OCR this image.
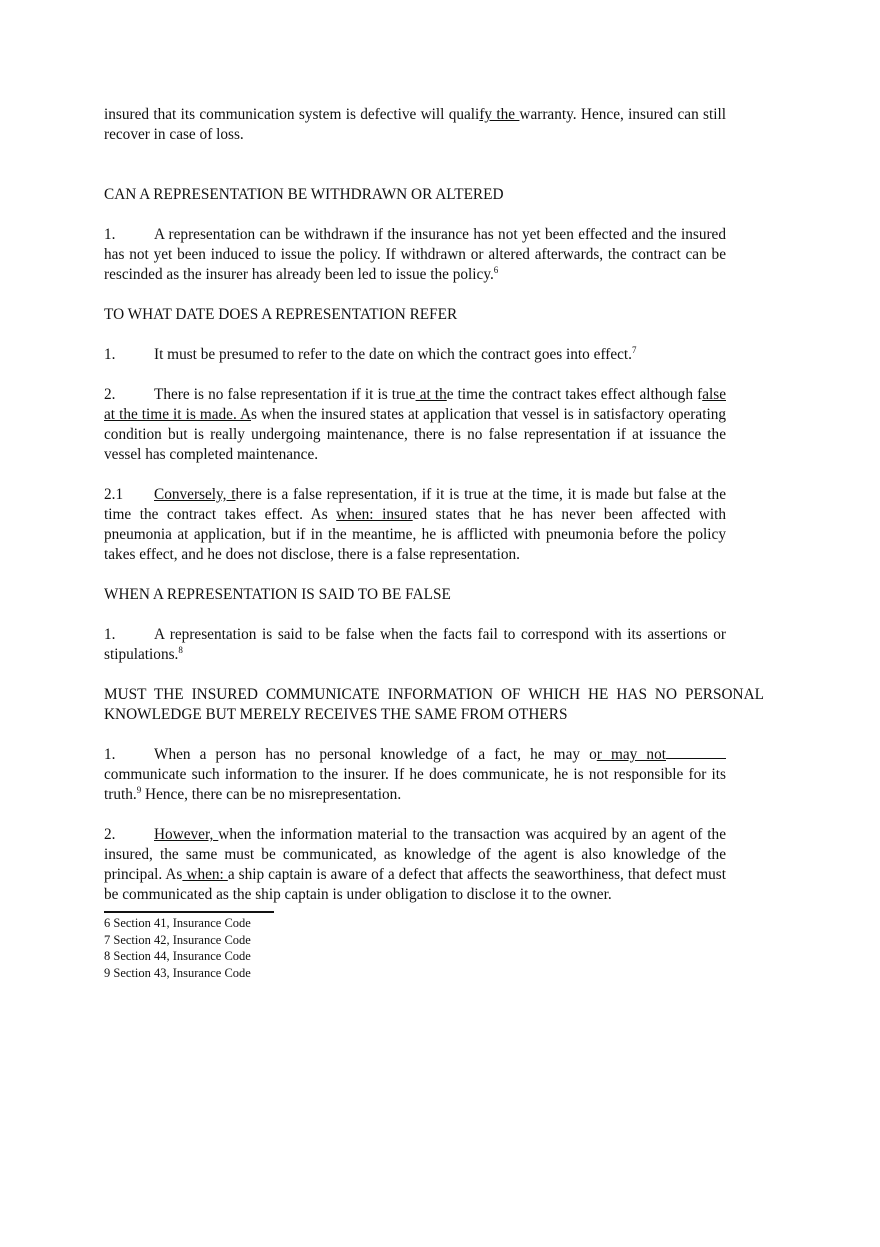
insured that its communication system is defective will qualify the warranty. Hence, insured can still recover in case of loss.

CAN A REPRESENTATION BE WITHDRAWN OR ALTERED

1.	A representation can be withdrawn if the insurance has not yet been effected and the insured has not yet been induced to issue the policy. If withdrawn or altered afterwards, the contract can be rescinded as the insurer has already been led to issue the policy.$^6$

TO WHAT DATE DOES A REPRESENTATION REFER

1.	It must be presumed to refer to the date on which the contract goes into effect.$^7$

2.	There is no false representation if it is true at the time the contract takes effect although false at the time it is made. As when the insured states at application that vessel is in satisfactory operating condition but is really undergoing maintenance, there is no false representation if at issuance the vessel has completed maintenance.

2.1 Conversely, there is a false representation, if it is true at the time, it is made but false at the time the contract takes effect. As when: insured states that he has never been affected with pneumonia at application, but if in the meantime, he is afflicted with pneumonia before the policy takes effect, and he does not disclose, there is a false representation.

WHEN A REPRESENTATION IS SAID TO BE FALSE

1.	A representation is said to be false when the facts fail to correspond with its assertions or stipulations.$^8$

MUST THE INSURED COMMUNICATE INFORMATION OF WHICH HE HAS NO PERSONAL KNOWLEDGE BUT MERELY RECEIVES THE SAME FROM OTHERS

1.	When a person has no personal knowledge of a fact, he may or may not communicate such information to the insurer. If he does communicate, he is not responsible for its truth.$^9$ Hence, there can be no misrepresentation.

2.	However, when the information material to the transaction was acquired by an agent of the insured, the same must be communicated, as knowledge of the agent is also knowledge of the principal. As when: a ship captain is aware of a defect that affects the seaworthiness, that defect must be communicated as the ship captain is under obligation to disclose it to the owner.

6 Section 41, Insurance Code
7 Section 42, Insurance Code
8 Section 44, Insurance Code
9 Section 43, Insurance Code
